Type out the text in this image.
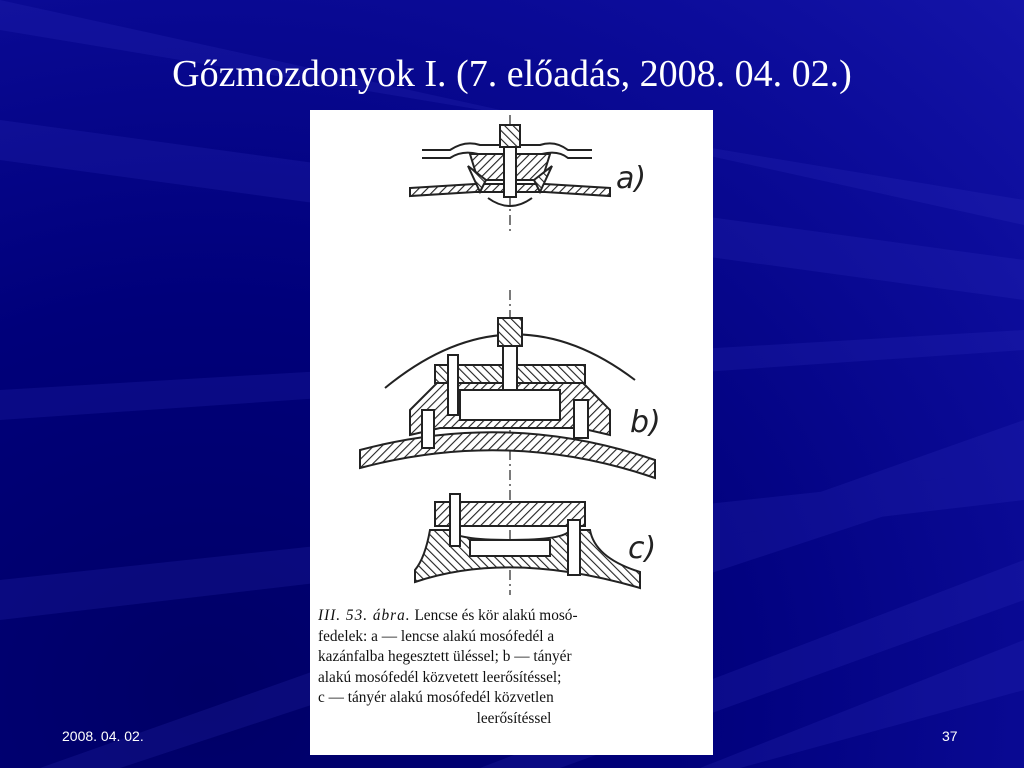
Gőzmozdonyok I. (7. előadás, 2008. 04. 02.)
a)
b)
c)
III. 53. ábra. Lencse és kör alakú mosó-
fedelek: a — lencse alakú mosófedél a
kazánfalba hegesztett üléssel; b — tányér
alakú mosófedél közvetett leerősítéssel;
c — tányér alakú mosófedél közvetlen
leerősítéssel
2008. 04. 02.	37
